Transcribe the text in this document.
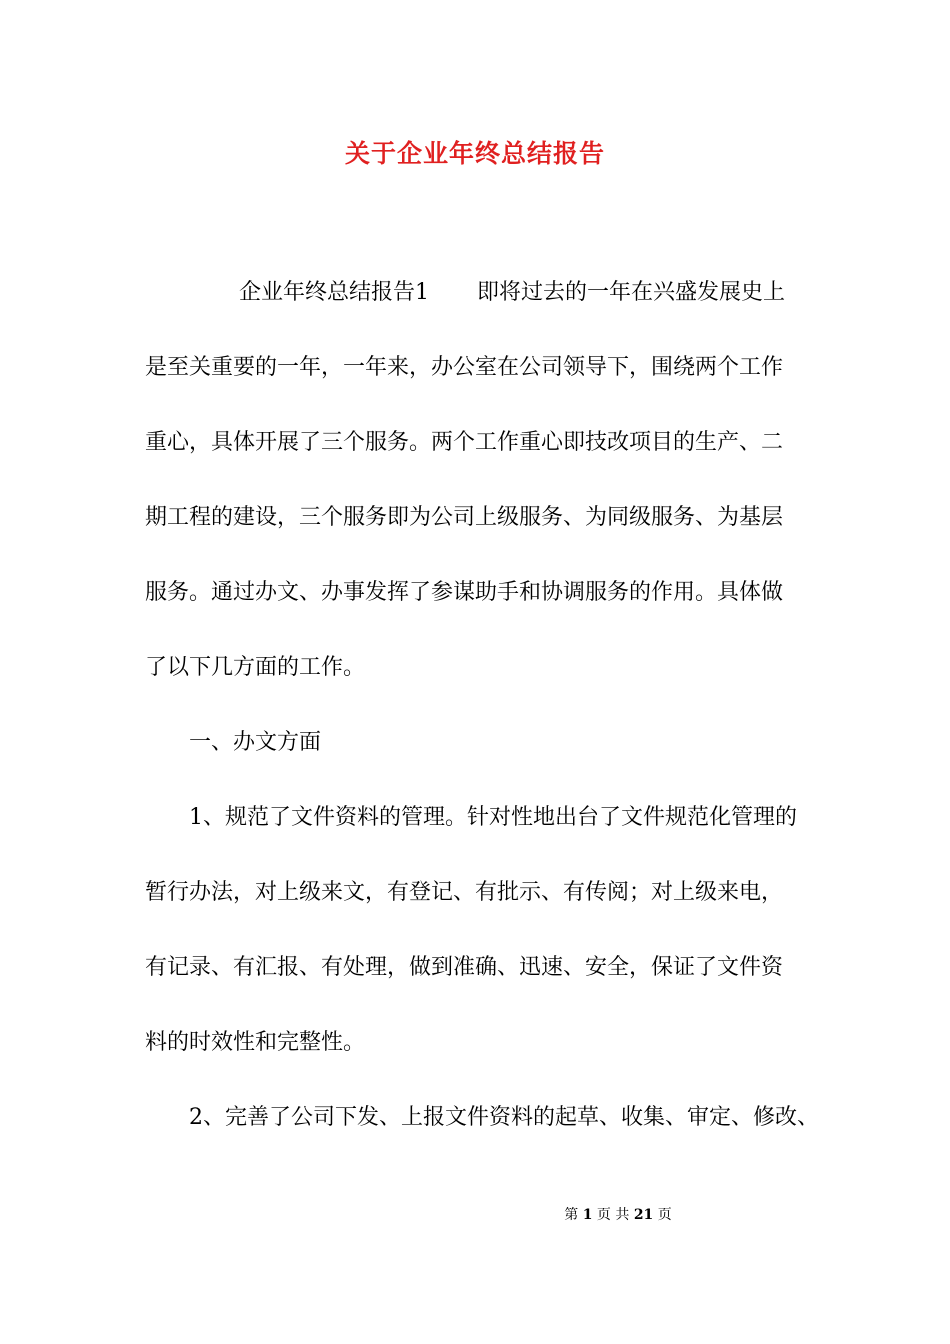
关于企业年终总结报告
企业年终总结报告1 即将过去的一年在兴盛发展史上
是至关重要的一年，一年来，办公室在公司领导下，围绕两个工作
重心，具体开展了三个服务。两个工作重心即技改项目的生产、二
期工程的建设，三个服务即为公司上级服务、为同级服务、为基层
服务。通过办文、办事发挥了参谋助手和协调服务的作用。具体做
了以下几方面的工作。
一、办文方面
1、规范了文件资料的管理。针对性地出台了文件规范化管理的
暂行办法，对上级来文，有登记、有批示、有传阅；对上级来电，
有记录、有汇报、有处理，做到准确、迅速、安全，保证了文件资
料的时效性和完整性。
2、完善了公司下发、上报文件资料的起草、收集、审定、修改、
第 1 页 共 21 页
